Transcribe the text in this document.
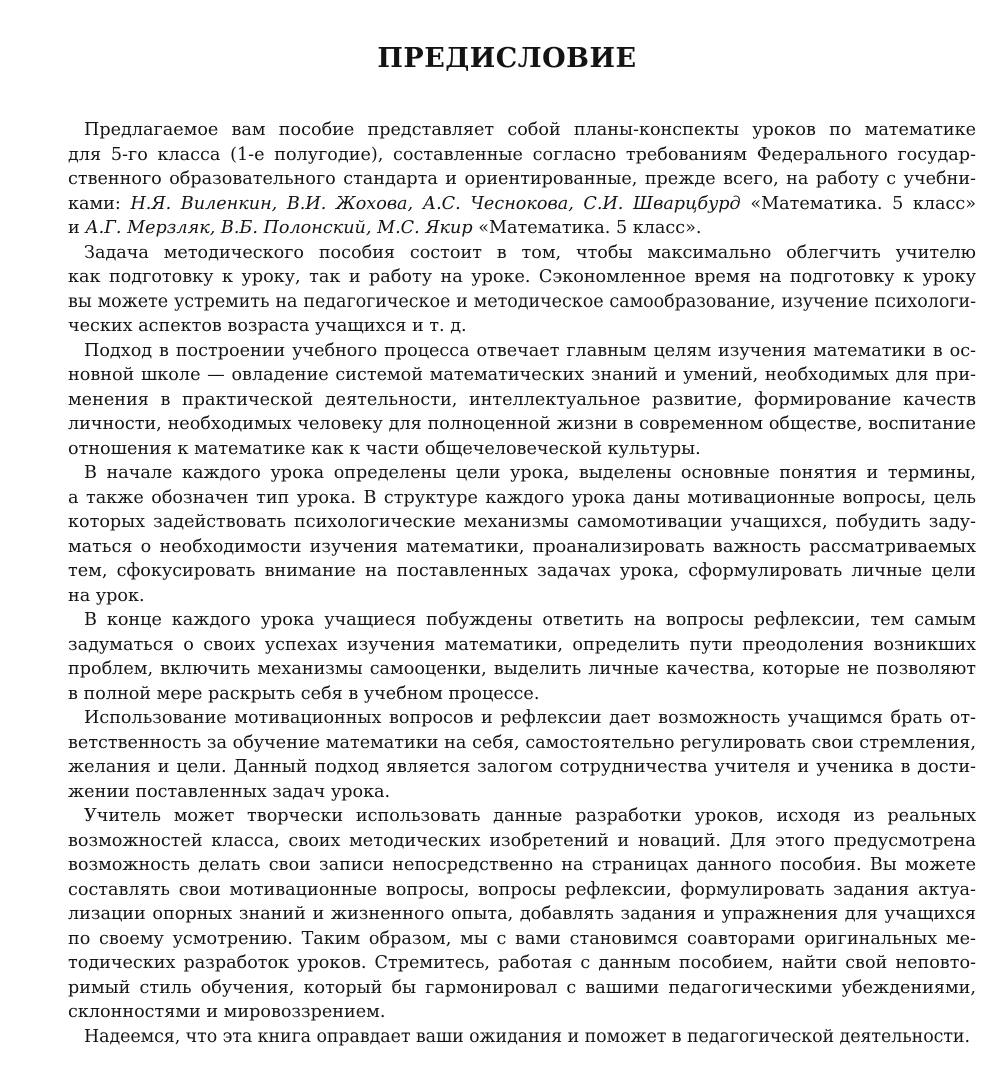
ПРЕДИСЛОВИЕ
Предлагаемое вам пособие представляет собой планы-конспекты уроков по математике
для 5-го класса (1-е полугодие), составленные согласно требованиям Федерального государ-
ственного образовательного стандарта и ориентированные, прежде всего, на работу с учебни-
ками: Н.Я. Виленкин, В.И. Жохова, А.С. Чеснокова, С.И. Шварцбурд «Математика. 5 класс»
и А.Г. Мерзляк, В.Б. Полонский, М.С. Якир «Математика. 5 класс».
Задача методического пособия состоит в том, чтобы максимально облегчить учителю
как подготовку к уроку, так и работу на уроке. Сэкономленное время на подготовку к уроку
вы можете устремить на педагогическое и методическое самообразование, изучение психологи-
ческих аспектов возраста учащихся и т. д.
Подход в построении учебного процесса отвечает главным целям изучения математики в ос-
новной школе — овладение системой математических знаний и умений, необходимых для при-
менения в практической деятельности, интеллектуальное развитие, формирование качеств
личности, необходимых человеку для полноценной жизни в современном обществе, воспитание
отношения к математике как к части общечеловеческой культуры.
В начале каждого урока определены цели урока, выделены основные понятия и термины,
а также обозначен тип урока. В структуре каждого урока даны мотивационные вопросы, цель
которых задействовать психологические механизмы самомотивации учащихся, побудить заду-
маться о необходимости изучения математики, проанализировать важность рассматриваемых
тем, сфокусировать внимание на поставленных задачах урока, сформулировать личные цели
на урок.
В конце каждого урока учащиеся побуждены ответить на вопросы рефлексии, тем самым
задуматься о своих успехах изучения математики, определить пути преодоления возникших
проблем, включить механизмы самооценки, выделить личные качества, которые не позволяют
в полной мере раскрыть себя в учебном процессе.
Использование мотивационных вопросов и рефлексии дает возможность учащимся брать от-
ветственность за обучение математики на себя, самостоятельно регулировать свои стремления,
желания и цели. Данный подход является залогом сотрудничества учителя и ученика в дости-
жении поставленных задач урока.
Учитель может творчески использовать данные разработки уроков, исходя из реальных
возможностей класса, своих методических изобретений и новаций. Для этого предусмотрена
возможность делать свои записи непосредственно на страницах данного пособия. Вы можете
составлять свои мотивационные вопросы, вопросы рефлексии, формулировать задания актуа-
лизации опорных знаний и жизненного опыта, добавлять задания и упражнения для учащихся
по своему усмотрению. Таким образом, мы с вами становимся соавторами оригинальных ме-
тодических разработок уроков. Стремитесь, работая с данным пособием, найти свой неповто-
римый стиль обучения, который бы гармонировал с вашими педагогическими убеждениями,
склонностями и мировоззрением.
Надеемся, что эта книга оправдает ваши ожидания и поможет в педагогической деятельности.
